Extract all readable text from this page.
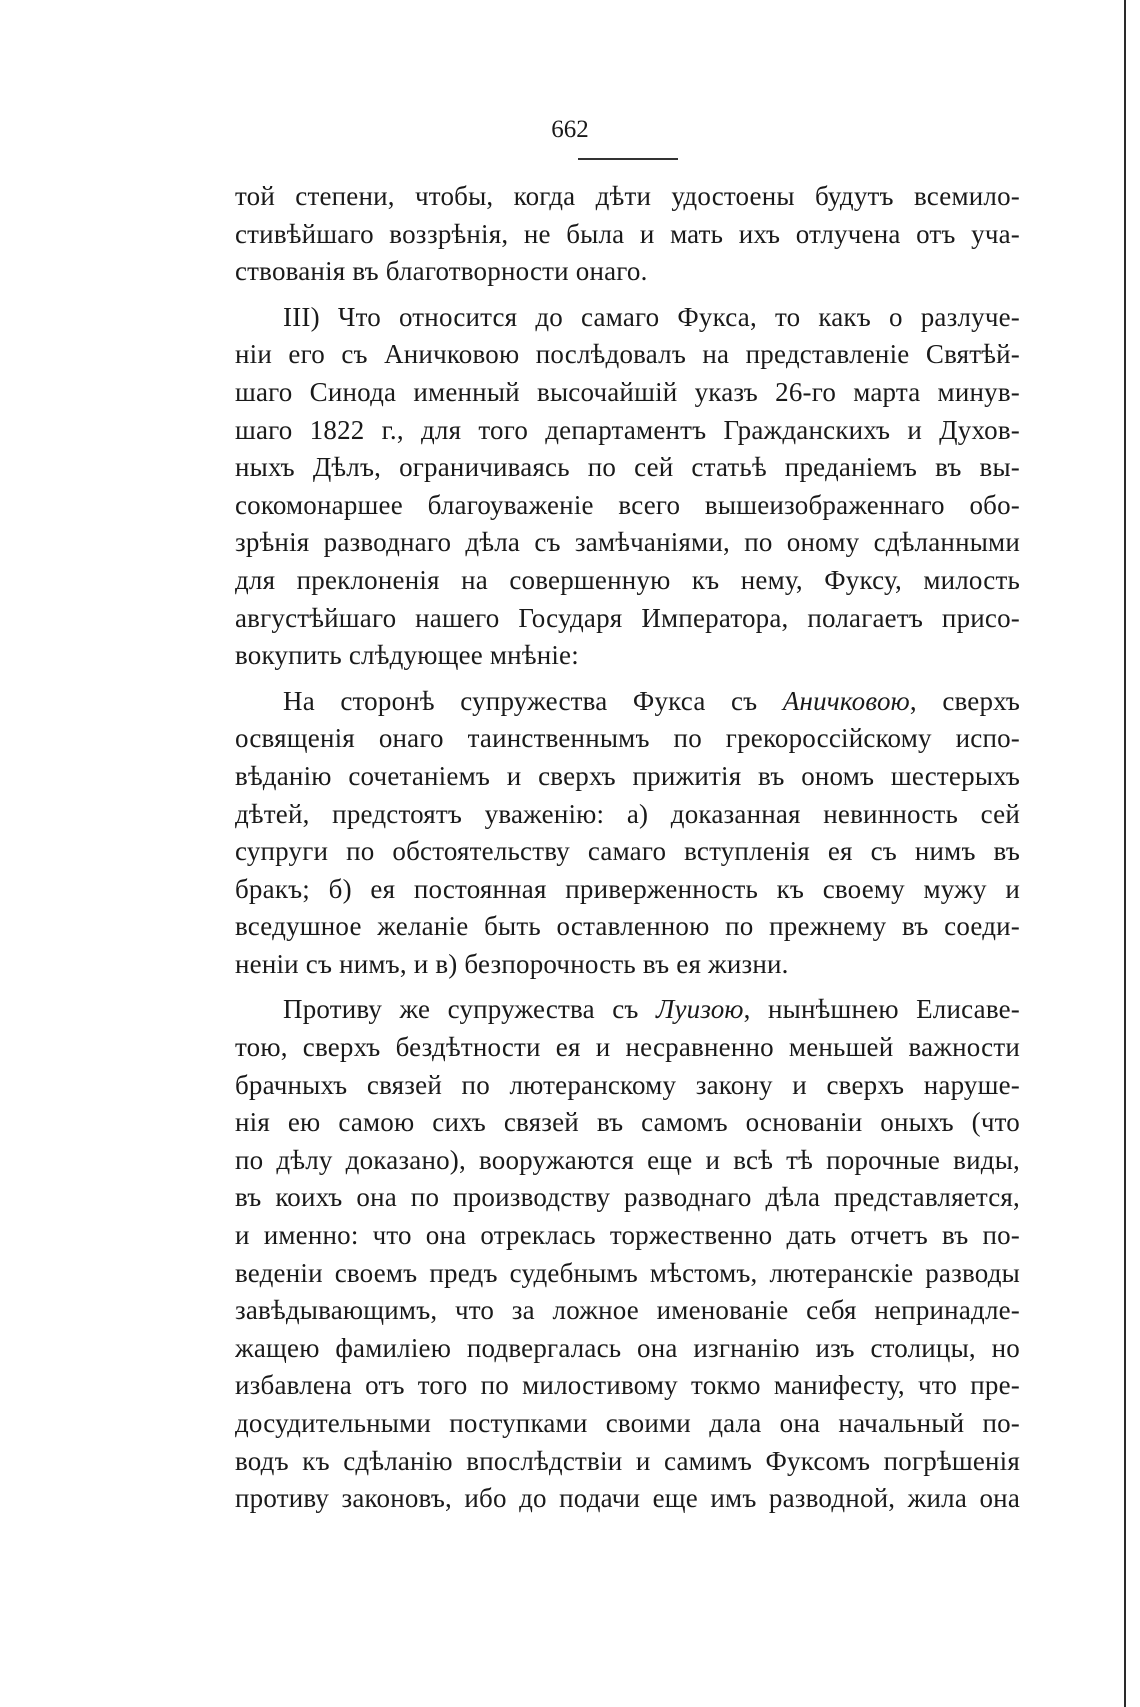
662
той степени, чтобы, когда дѣти удостоены будутъ всемило-
стивѣйшаго воззрѣнія, не была и мать ихъ отлучена отъ уча-
ствованія въ благотворности онаго.
III) Что относится до самаго Фукса, то какъ о разлуче-
ніи его съ Аничковою послѣдовалъ на представленіе Святѣй-
шаго Синода именный высочайшій указъ 26-го марта минув-
шаго 1822 г., для того департаментъ Гражданскихъ и Духов-
ныхъ Дѣлъ, ограничиваясь по сей статьѣ преданіемъ въ вы-
сокомонаршее благоуваженіе всего вышеизображеннаго обо-
зрѣнія разводнаго дѣла съ замѣчаніями, по оному сдѣланными
для преклоненія на совершенную къ нему, Фуксу, милость
августѣйшаго нашего Государя Императора, полагаетъ присо-
вокупить слѣдующее мнѣніе:
На сторонѣ супружества Фукса съ Аничковою, сверхъ
освященія онаго таинственнымъ по грекороссійскому испо-
вѣданію сочетаніемъ и сверхъ прижитія въ ономъ шестерыхъ
дѣтей, предстоятъ уваженію: а) доказанная невинность сей
супруги по обстоятельству самаго вступленія ея съ нимъ въ
бракъ; б) ея постоянная приверженность къ своему мужу и
вседушное желаніе быть оставленною по прежнему въ соеди-
неніи съ нимъ, и в) безпорочность въ ея жизни.
Противу же супружества съ Луизою, нынѣшнею Елисаве-
тою, сверхъ бездѣтности ея и несравненно меньшей важности
брачныхъ связей по лютеранскому закону и сверхъ наруше-
нія ею самою сихъ связей въ самомъ основаніи оныхъ (что
по дѣлу доказано), вооружаются еще и всѣ тѣ порочные виды,
въ коихъ она по производству разводнаго дѣла представляется,
и именно: что она отреклась торжественно дать отчетъ въ по-
веденіи своемъ предъ судебнымъ мѣстомъ, лютеранскіе разводы
завѣдывающимъ, что за ложное именованіе себя непринадле-
жащею фамиліею подвергалась она изгнанію изъ столицы, но
избавлена отъ того по милостивому токмо манифесту, что пре-
досудительными поступками своими дала она начальный по-
водъ къ сдѣланію впослѣдствіи и самимъ Фуксомъ погрѣшенія
противу законовъ, ибо до подачи еще имъ разводной, жила она
